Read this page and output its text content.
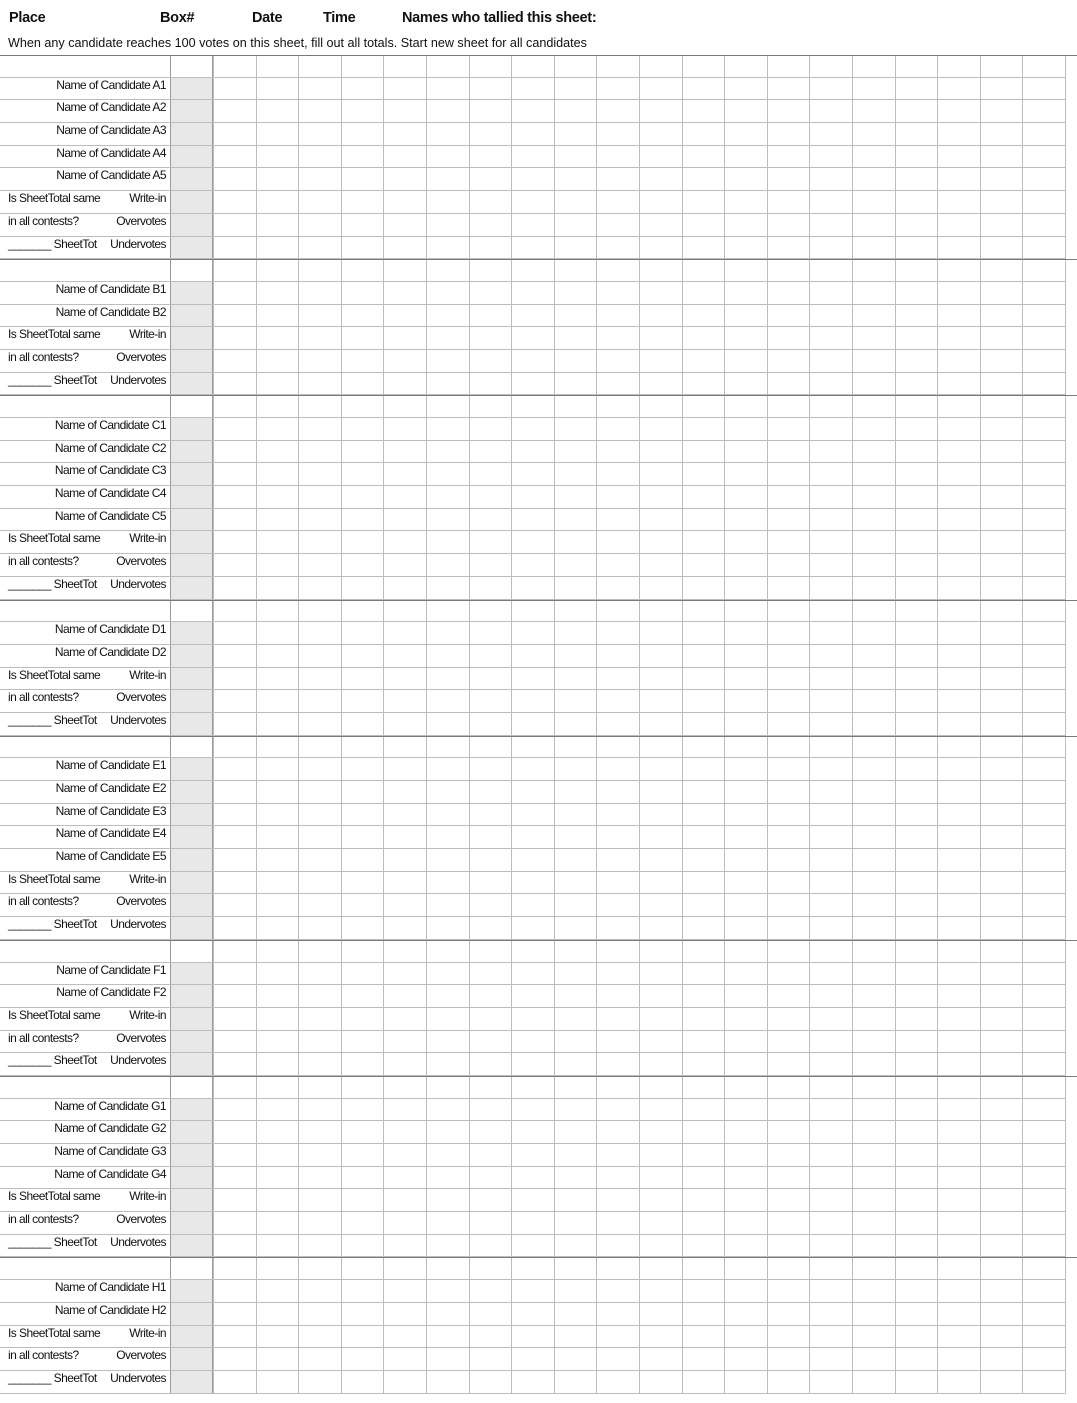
Place	Box#	Date	Time	Names who tallied this sheet:
When any candidate reaches 100 votes on this sheet, fill out all totals. Start new sheet for all candidates
Name of Candidate A1
Name of Candidate A2
Name of Candidate A3
Name of Candidate A4
Name of Candidate A5
Is SheetTotal same Write-in
in all contests?	Overvotes
_______ SheetTot Undervotes
Name of Candidate B1
Name of Candidate B2
Is SheetTotal same Write-in
in all contests?	Overvotes
_______ SheetTot Undervotes
Name of Candidate C1
Name of Candidate C2
Name of Candidate C3
Name of Candidate C4
Name of Candidate C5
Is SheetTotal same Write-in
in all contests?	Overvotes
_______ SheetTot Undervotes
Name of Candidate D1
Name of Candidate D2
Is SheetTotal same Write-in
in all contests?	Overvotes
_______ SheetTot Undervotes
Name of Candidate E1
Name of Candidate E2
Name of Candidate E3
Name of Candidate E4
Name of Candidate E5
Is SheetTotal same Write-in
in all contests?	Overvotes
_______ SheetTot Undervotes
Name of Candidate F1
Name of Candidate F2
Is SheetTotal same Write-in
in all contests?	Overvotes
_______ SheetTot Undervotes
Name of Candidate G1
Name of Candidate G2
Name of Candidate G3
Name of Candidate G4
Is SheetTotal same Write-in
in all contests?	Overvotes
_______ SheetTot Undervotes
Name of Candidate H1
Name of Candidate H2
Is SheetTotal same Write-in
in all contests?	Overvotes
_______ SheetTot Undervotes
